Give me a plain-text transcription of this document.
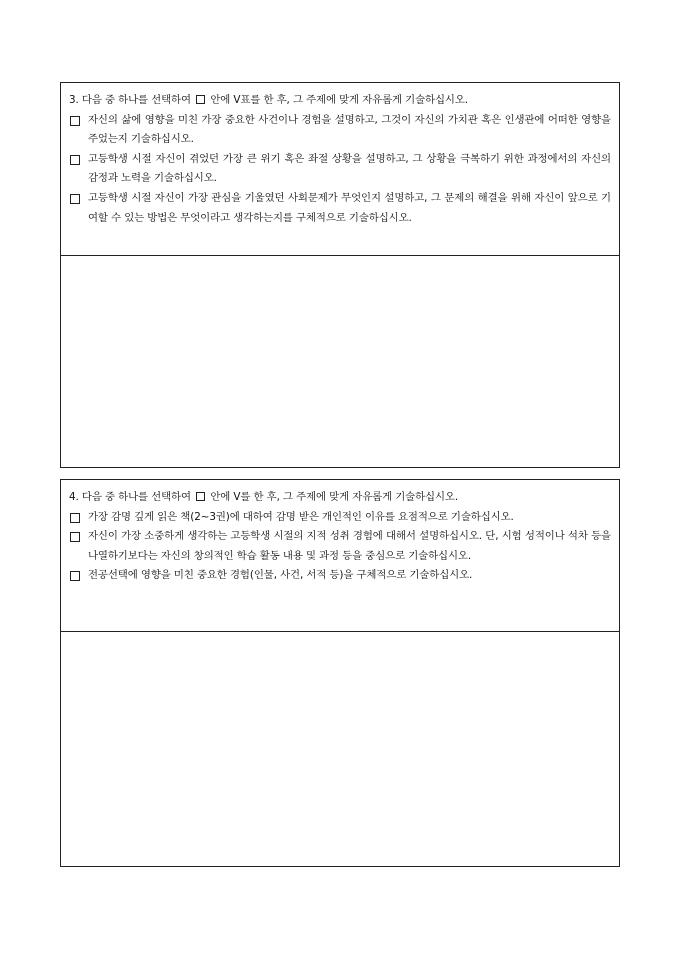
3. 다음 중 하나를 선택하여 안에 V표를 한 후, 그 주제에 맞게 자유롭게 기술하십시오.

자신의 삶에 영향을 미친 가장 중요한 사건이나 경험을 설명하고, 그것이 자신의 가치관 혹은 인생관에 어떠한 영향을 주었는지 기술하십시오.
고등학생 시절 자신이 겪었던 가장 큰 위기 혹은 좌절 상황을 설명하고, 그 상황을 극복하기 위한 과정에서의 자신의 감정과 노력을 기술하십시오.
고등학생 시절 자신이 가장 관심을 기울였던 사회문제가 무엇인지 설명하고, 그 문제의 해결을 위해 자신이 앞으로 기여할 수 있는 방법은 무엇이라고 생각하는지를 구체적으로 기술하십시오.

4. 다음 중 하나를 선택하여 안에 V를 한 후, 그 주제에 맞게 자유롭게 기술하십시오.

가장 감명 깊게 읽은 책(2~3권)에 대하여 감명 받은 개인적인 이유를 요점적으로 기술하십시오.
자신이 가장 소중하게 생각하는 고등학생 시절의 지적 성취 경험에 대해서 설명하십시오. 단, 시험 성적이나 석차 등을 나열하기보다는 자신의 창의적인 학습 활동 내용 및 과정 등을 중심으로 기술하십시오.
전공선택에 영향을 미친 중요한 경험(인물, 사건, 서적 등)을 구체적으로 기술하십시오.
